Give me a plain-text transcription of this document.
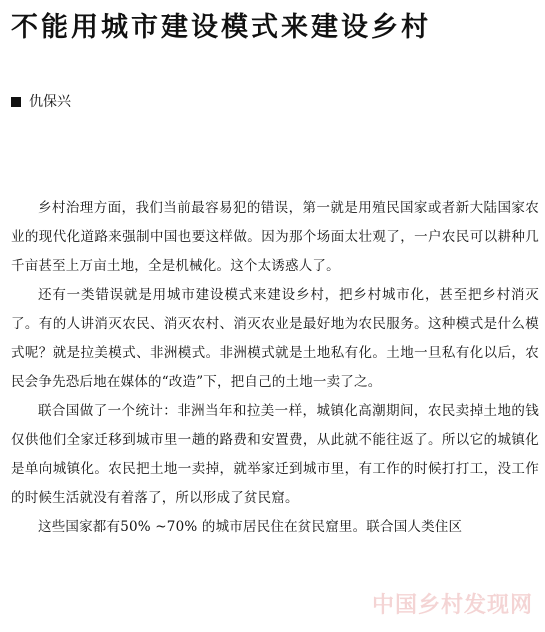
不能用城市建设模式来建设乡村
仇保兴

乡村治理方面，我们当前最容易犯的错误，第一就是用殖民国家或者新大陆国家农业的现代化道路来强制中国也要这样做。因为那个场面太壮观了，一户农民可以耕种几千亩甚至上万亩土地，全是机械化。这个太诱惑人了。

还有一类错误就是用城市建设模式来建设乡村，把乡村城市化，甚至把乡村消灭了。有的人讲消灭农民、消灭农村、消灭农业是最好地为农民服务。这种模式是什么模式呢？就是拉美模式、非洲模式。非洲模式就是土地私有化。土地一旦私有化以后，农民会争先恐后地在媒体的“改造”下，把自己的土地一卖了之。

联合国做了一个统计：非洲当年和拉美一样，城镇化高潮期间，农民卖掉土地的钱仅供他们全家迁移到城市里一趟的路费和安置费，从此就不能往返了。所以它的城镇化是单向城镇化。农民把土地一卖掉，就举家迁到城市里，有工作的时候打打工，没工作的时候生活就没有着落了，所以形成了贫民窟。

这些国家都有50% ~70% 的城市居民住在贫民窟里。联合国人类住区

中国乡村发现网
